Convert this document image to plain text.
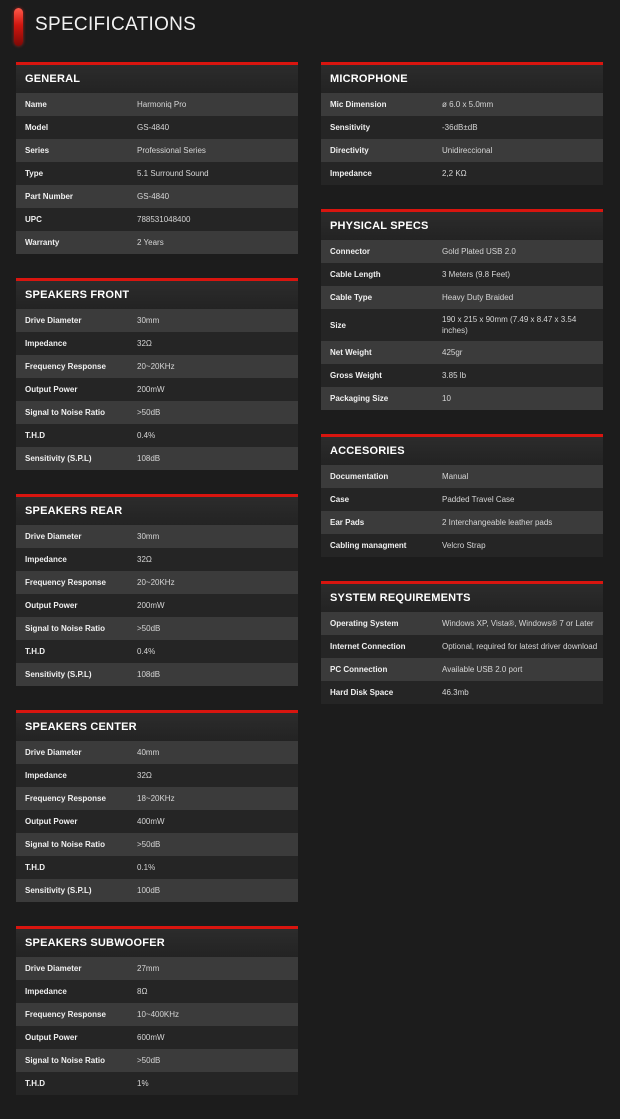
SPECIFICATIONS
GENERAL
Name	Harmoniq Pro
Model	GS-4840
Series	Professional Series
Type	5.1 Surround Sound
Part Number	GS-4840
UPC	788531048400
Warranty	2 Years
SPEAKERS FRONT
Drive Diameter	30mm
Impedance	32Ω
Frequency Response	20~20KHz
Output Power	200mW
Signal to Noise Ratio	>50dB
T.H.D	0.4%
Sensitivity (S.P.L)	108dB
SPEAKERS REAR
Drive Diameter	30mm
Impedance	32Ω
Frequency Response	20~20KHz
Output Power	200mW
Signal to Noise Ratio	>50dB
T.H.D	0.4%
Sensitivity (S.P.L)	108dB
SPEAKERS CENTER
Drive Diameter	40mm
Impedance	32Ω
Frequency Response	18~20KHz
Output Power	400mW
Signal to Noise Ratio	>50dB
T.H.D	0.1%
Sensitivity (S.P.L)	100dB
SPEAKERS SUBWOOFER
Drive Diameter	27mm
Impedance	8Ω
Frequency Response	10~400KHz
Output Power	600mW
Signal to Noise Ratio	>50dB
T.H.D	1%
MICROPHONE
Mic Dimension	ø 6.0 x 5.0mm
Sensitivity	-36dB±dB
Directivity	Unidireccional
Impedance	2,2 KΩ
PHYSICAL SPECS
Connector	Gold Plated USB 2.0
Cable Length	3 Meters (9.8 Feet)
Cable Type	Heavy Duty Braided
Size
190 x 215 x 90mm (7.49 x 8.47 x 3.54 inches)
Net Weight	425gr
Gross Weight	3.85 lb
Packaging Size	10
ACCESORIES
Documentation	Manual
Case	Padded Travel Case
Ear Pads	2 Interchangeable leather pads
Cabling managment	Velcro Strap
SYSTEM REQUIREMENTS
Operating System	Windows XP, Vista®, Windows® 7 or Later
Internet Connection	Optional, required for latest driver download
PC Connection	Available USB 2.0 port
Hard Disk Space	46.3mb
